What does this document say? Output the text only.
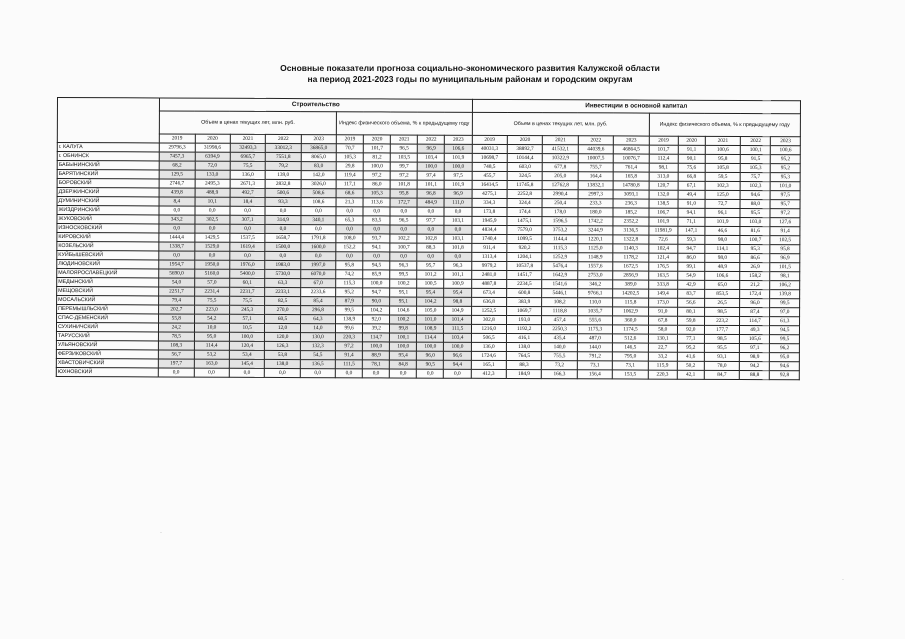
Основные показатели прогноза социально-экономического развития Калужской области
на период 2021-2023 годы по муниципальным районам и городским округам
	Строительство										Инвестиции в основной капитал									
	Объем в ценах текущих лет, млн. руб.					Индекс физического объема, % к предыдущему году					Объем в ценах текущих лет, млн. руб.					Индекс физического объема, % к предыдущему году				
	2019	2020	2021	2022	2023	2019	2020	2021	2022	2023	2019	2020	2021	2022	2023	2019	2020	2021	2022	2023
г. КАЛУГА	29796,3	31998,6	32493,3	33012,3	36865,0	70,7	101,7	96,5	96,9	106,6	40031,3	38892,7	41532,1	44039,6	46864,5	101,7	91,1	100,6	100,1	100,6
г. ОБНИНСК	7457,3	6394,9	6965,7	7551,8	8065,0	105,3	81,2	103,5	103,4	101,9	10698,7	10144,4	10322,9	10007,5	10076,7	112,4	90,1	95,8	91,5	95,2
БАБЫНИНСКИЙ	68,2	72,0	75,5	79,2	83,0	29,8	100,0	99,7	100,0	100,0	748,5	603,0	677,8	755,7	761,4	98,1	75,6	105,8	105,3	95,2
БАРЯТИНСКИЙ	129,5	133,0	136,0	139,0	142,0	119,4	97,2	97,2	97,4	97,5	455,7	324,5	205,0	164,4	165,8	313,0	66,8	59,5	75,7	95,3
БОРОВСКИЙ	2746,7	2495,3	2671,3	2832,8	3026,0	117,1	86,0	101,8	101,1	101,9	16414,5	11745,8	12762,8	13832,1	14780,8	120,7	67,1	102,3	102,3	101,0
ДЗЕРЖИНСКИЙ	439,8	488,9	492,7	500,6	508,6	68,6	105,3	95,8	96,8	96,9	4275,1	2252,8	2990,4	2997,3	3093,1	132,0	49,4	125,0	94,6	97,5
ДУМИНИЧСКИЙ	8,4	10,1	18,4	93,3	108,6	21,3	113,6	172,7	484,9	111,0	334,3	324,4	250,4	233,3	236,3	138,5	91,0	72,7	88,0	95,7
ЖИЗДРИНСКИЙ	0,0	0,0	0,0	0,0	0,0	0,0	0,0	0,0	0,0	0,0	173,8	174,4	178,0	180,0	185,2	106,7	94,1	96,1	95,5	97,2
ЖУКОВСКИЙ	343,2	302,5	307,1	314,9	340,1	65,3	83,5	96,5	97,7	103,1	1945,9	1475,1	1596,5	1742,2	2352,2	101,9	71,1	101,9	103,0	127,6
ИЗНОСКОВСКИЙ	0,0	0,0	0,0	0,0	0,0	0,0	0,0	0,0	0,0	0,0	4834,4	7579,0	3753,2	3244,9	3136,5	11981,9	147,1	46,6	81,6	91,4
КИРОВСКИЙ	1444,4	1429,5	1537,5	1658,7	1791,8	108,0	93,7	102,2	102,8	103,1	1740,4	1099,5	1144,4	1220,1	1322,8	72,6	59,3	98,0	100,7	102,5
КОЗЕЛЬСКИЙ	1338,7	1529,0	1619,4	1500,0	1600,0	152,2	94,1	100,7	88,3	101,8	911,4	920,2	1115,3	1125,0	1140,3	102,4	94,7	114,1	95,3	95,8
КУЙБЫШЕВСКИЙ	0,0	0,0	0,0	0,0	0,0	0,0	0,0	0,0	0,0	0,0	1313,4	1204,1	1252,9	1148,9	1178,2	121,4	86,0	98,0	86,6	96,9
ЛЮДИНОВСКИЙ	1954,7	1950,0	1976,0	1983,0	1997,0	95,8	94,5	96,3	95,7	96,3	9979,2	10537,8	5476,4	1557,6	1672,5	176,5	99,1	48,9	26,9	101,5
МАЛОЯРОСЛАВЕЦКИЙ	5690,0	5160,0	5400,0	5730,0	6070,0	74,2	85,9	99,5	101,2	101,1	2481,0	1451,7	1642,9	2753,0	2856,9	163,5	54,9	106,6	158,2	98,1
МЕДЫНСКИЙ	54,0	57,0	60,1	63,3	67,0	115,3	100,0	100,2	100,5	100,9	4887,8	2234,5	1541,6	346,2	389,0	333,8	42,9	65,0	21,2	106,2
МЕЩОВСКИЙ	2251,7	2231,4	2231,7	2233,1	2233,6	95,2	94,7	95,1	95,4	95,4	673,4	600,8	5446,1	9766,1	14202,5	149,4	83,7	853,5	172,4	139,8
МОСАЛЬСКИЙ	79,4	75,5	75,5	82,5	85,4	87,9	90,0	95,1	104,2	98,8	636,8	383,9	108,2	110,0	115,8	173,0	56,6	26,5	96,0	99,5
ПЕРЕМЫШЛЬСКИЙ	202,7	223,0	245,3	270,0	296,8	99,5	104,2	104,6	105,0	104,9	1252,5	1069,7	1118,8	1035,7	1062,9	91,0	80,1	98,5	87,4	97,0
СПАС-ДЕМЕНСКИЙ	55,8	54,2	57,1	60,5	64,3	138,9	92,0	100,2	101,0	101,4	302,8	193,0	457,4	555,6	360,0	67,8	59,8	223,2	114,7	61,3
СУХИНИЧСКИЙ	24,2	10,0	10,5	12,0	14,0	99,6	39,2	99,8	108,9	111,5	1216,0	1192,2	2250,3	1175,3	1174,5	58,0	92,0	177,7	49,3	94,5
ТАРУССКИЙ	78,5	95,0	100,0	120,0	130,0	220,3	114,7	100,1	114,4	103,4	506,5	416,1	435,4	487,0	512,6	130,1	77,1	98,5	105,6	99,5
УЛЬЯНОВСКИЙ	108,3	114,4	120,4	126,3	132,3	97,2	100,0	100,0	100,0	100,0	136,0	138,0	140,0	144,0	146,5	22,7	95,2	95,5	97,1	96,2
ФЕРЗИКОВСКИЙ	56,7	53,2	53,4	53,8	54,5	91,4	88,9	95,4	96,0	96,6	1724,6	764,5	755,5	791,2	795,0	33,2	41,6	93,1	98,9	95,0
ХВАСТОВИЧСКИЙ	197,7	163,0	145,4	138,0	136,5	111,5	78,1	84,8	90,5	94,4	165,1	88,3	73,2	73,1	73,1	115,9	50,2	78,0	94,2	94,6
ЮХНОВСКИЙ	0,0	0,0	0,0	0,0	0,0	0,0	0,0	0,0	0,0	0,0	412,3	184,9	166,3	156,4	153,5	220,3	42,1	84,7	88,8	92,8
·
·
